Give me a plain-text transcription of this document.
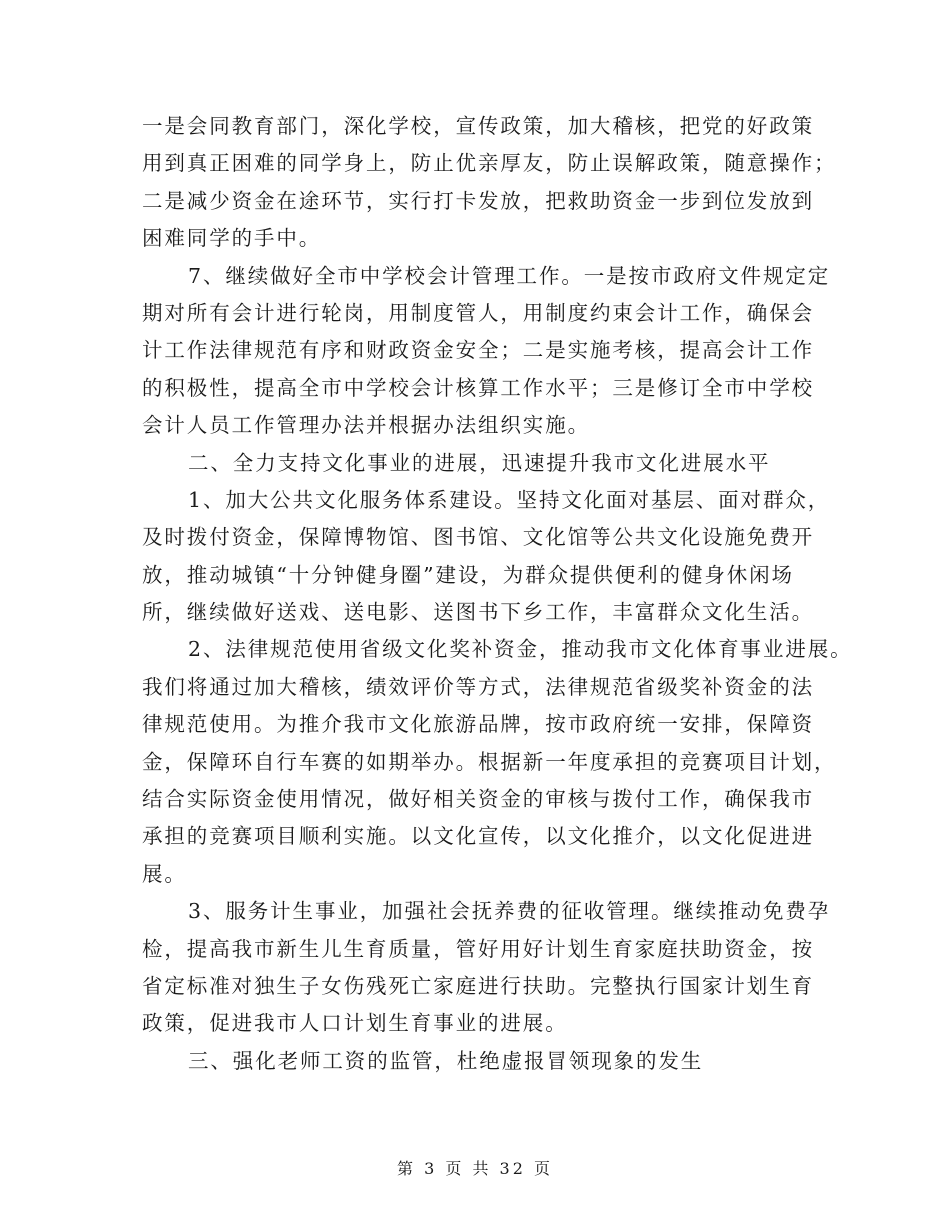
一是会同教育部门，深化学校，宣传政策，加大稽核，把党的好政策
用到真正困难的同学身上，防止优亲厚友，防止误解政策，随意操作；
二是减少资金在途环节，实行打卡发放，把救助资金一步到位发放到
困难同学的手中。
7、继续做好全市中学校会计管理工作。一是按市政府文件规定定
期对所有会计进行轮岗，用制度管人，用制度约束会计工作，确保会
计工作法律规范有序和财政资金安全；二是实施考核，提高会计工作
的积极性，提高全市中学校会计核算工作水平；三是修订全市中学校
会计人员工作管理办法并根据办法组织实施。
二、全力支持文化事业的进展，迅速提升我市文化进展水平
1、加大公共文化服务体系建设。坚持文化面对基层、面对群众，
及时拨付资金，保障博物馆、图书馆、文化馆等公共文化设施免费开
放，推动城镇“十分钟健身圈”建设，为群众提供便利的健身休闲场
所，继续做好送戏、送电影、送图书下乡工作，丰富群众文化生活。
2、法律规范使用省级文化奖补资金，推动我市文化体育事业进展。
我们将通过加大稽核，绩效评价等方式，法律规范省级奖补资金的法
律规范使用。为推介我市文化旅游品牌，按市政府统一安排，保障资
金，保障环自行车赛的如期举办。根据新一年度承担的竞赛项目计划，
结合实际资金使用情况，做好相关资金的审核与拨付工作，确保我市
承担的竞赛项目顺利实施。以文化宣传，以文化推介，以文化促进进
展。
3、服务计生事业，加强社会抚养费的征收管理。继续推动免费孕
检，提高我市新生儿生育质量，管好用好计划生育家庭扶助资金，按
省定标准对独生子女伤残死亡家庭进行扶助。完整执行国家计划生育
政策，促进我市人口计划生育事业的进展。
三、强化老师工资的监管，杜绝虚报冒领现象的发生
第 3 页 共 32 页
